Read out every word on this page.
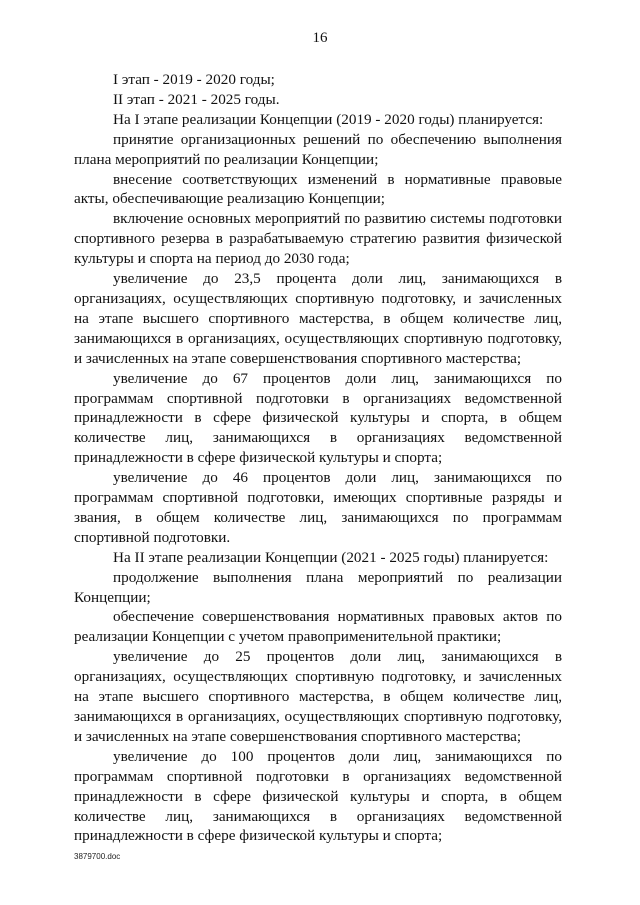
16

I этап - 2019 - 2020 годы;

II этап - 2021 - 2025 годы.

На I этапе реализации Концепции (2019 - 2020 годы) планируется:

принятие организационных решений по обеспечению выполнения плана мероприятий по реализации Концепции;

внесение соответствующих изменений в нормативные правовые акты, обеспечивающие реализацию Концепции;

включение основных мероприятий по развитию системы подготовки спортивного резерва в разрабатываемую стратегию развития физической культуры и спорта на период до 2030 года;

увеличение до 23,5 процента доли лиц, занимающихся в организациях, осуществляющих спортивную подготовку, и зачисленных на этапе высшего спортивного мастерства, в общем количестве лиц, занимающихся в организациях, осуществляющих спортивную подготовку, и зачисленных на этапе совершенствования спортивного мастерства;

увеличение до 67 процентов доли лиц, занимающихся по программам спортивной подготовки в организациях ведомственной принадлежности в сфере физической культуры и спорта, в общем количестве лиц, занимающихся в организациях ведомственной принадлежности в сфере физической культуры и спорта;

увеличение до 46 процентов доли лиц, занимающихся по программам спортивной подготовки, имеющих спортивные разряды и звания, в общем количестве лиц, занимающихся по программам спортивной подготовки.

На II этапе реализации Концепции (2021 - 2025 годы) планируется:

продолжение выполнения плана мероприятий по реализации Концепции;

обеспечение совершенствования нормативных правовых актов по реализации Концепции с учетом правоприменительной практики;

увеличение до 25 процентов доли лиц, занимающихся в организациях, осуществляющих спортивную подготовку, и зачисленных на этапе высшего спортивного мастерства, в общем количестве лиц, занимающихся в организациях, осуществляющих спортивную подготовку, и зачисленных на этапе совершенствования спортивного мастерства;

увеличение до 100 процентов доли лиц, занимающихся по программам спортивной подготовки в организациях ведомственной принадлежности в сфере физической культуры и спорта, в общем количестве лиц, занимающихся в организациях ведомственной принадлежности в сфере физической культуры и спорта;

3879700.doc
